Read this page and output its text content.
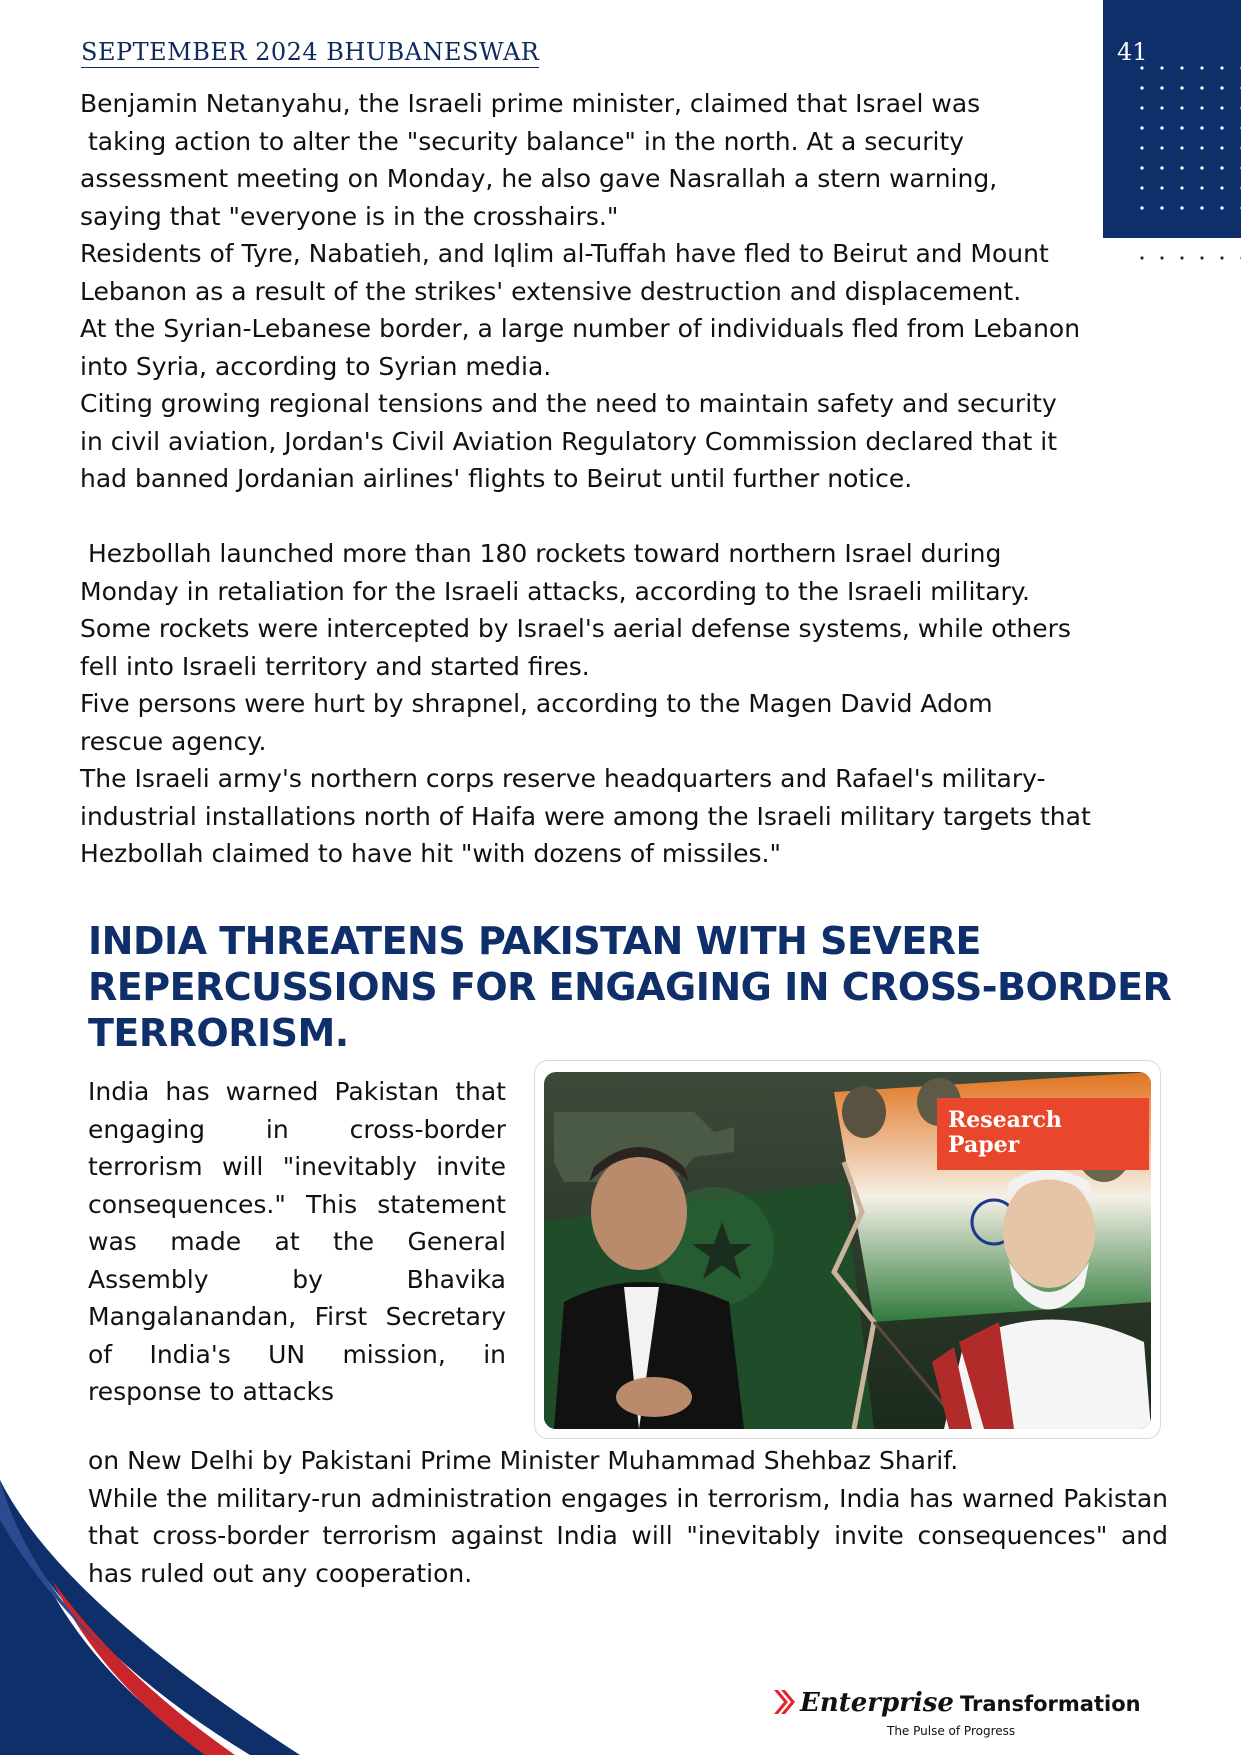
SEPTEMBER 2024 BHUBANESWAR	41

Benjamin Netanyahu, the Israeli prime minister, claimed that Israel was

taking action to alter the "security balance" in the north. At a security

assessment meeting on Monday, he also gave Nasrallah a stern warning,

saying that "everyone is in the crosshairs."

Residents of Tyre, Nabatieh, and Iqlim al-Tuffah have fled to Beirut and Mount

Lebanon as a result of the strikes' extensive destruction and displacement.

At the Syrian-Lebanese border, a large number of individuals fled from Lebanon

into Syria, according to Syrian media.

Citing growing regional tensions and the need to maintain safety and security

in civil aviation, Jordan's Civil Aviation Regulatory Commission declared that it

had banned Jordanian airlines' flights to Beirut until further notice.

Hezbollah launched more than 180 rockets toward northern Israel during

Monday in retaliation for the Israeli attacks, according to the Israeli military.

Some rockets were intercepted by Israel's aerial defense systems, while others

fell into Israeli territory and started fires.

Five persons were hurt by shrapnel, according to the Magen David Adom

rescue agency.

The Israeli army's northern corps reserve headquarters and Rafael's military-

industrial installations north of Haifa were among the Israeli military targets that

Hezbollah claimed to have hit "with dozens of missiles."

INDIA THREATENS PAKISTAN WITH SEVERE REPERCUSSIONS FOR ENGAGING IN CROSS-BORDER TERRORISM.
India has warned Pakistan that engaging in cross-border terrorism will "inevitably invite consequences." This statement was made at the General Assembly by Bhavika Mangalanandan, First Secretary of India's UN mission, in response to attacks
Research
Paper

on New Delhi by Pakistani Prime Minister Muhammad Shehbaz Sharif.

While the military-run administration engages in terrorism, India has warned Pakistan that cross-border terrorism against India will "inevitably invite consequences" and has ruled out any cooperation.

Enterprise Transformation
The Pulse of Progress
